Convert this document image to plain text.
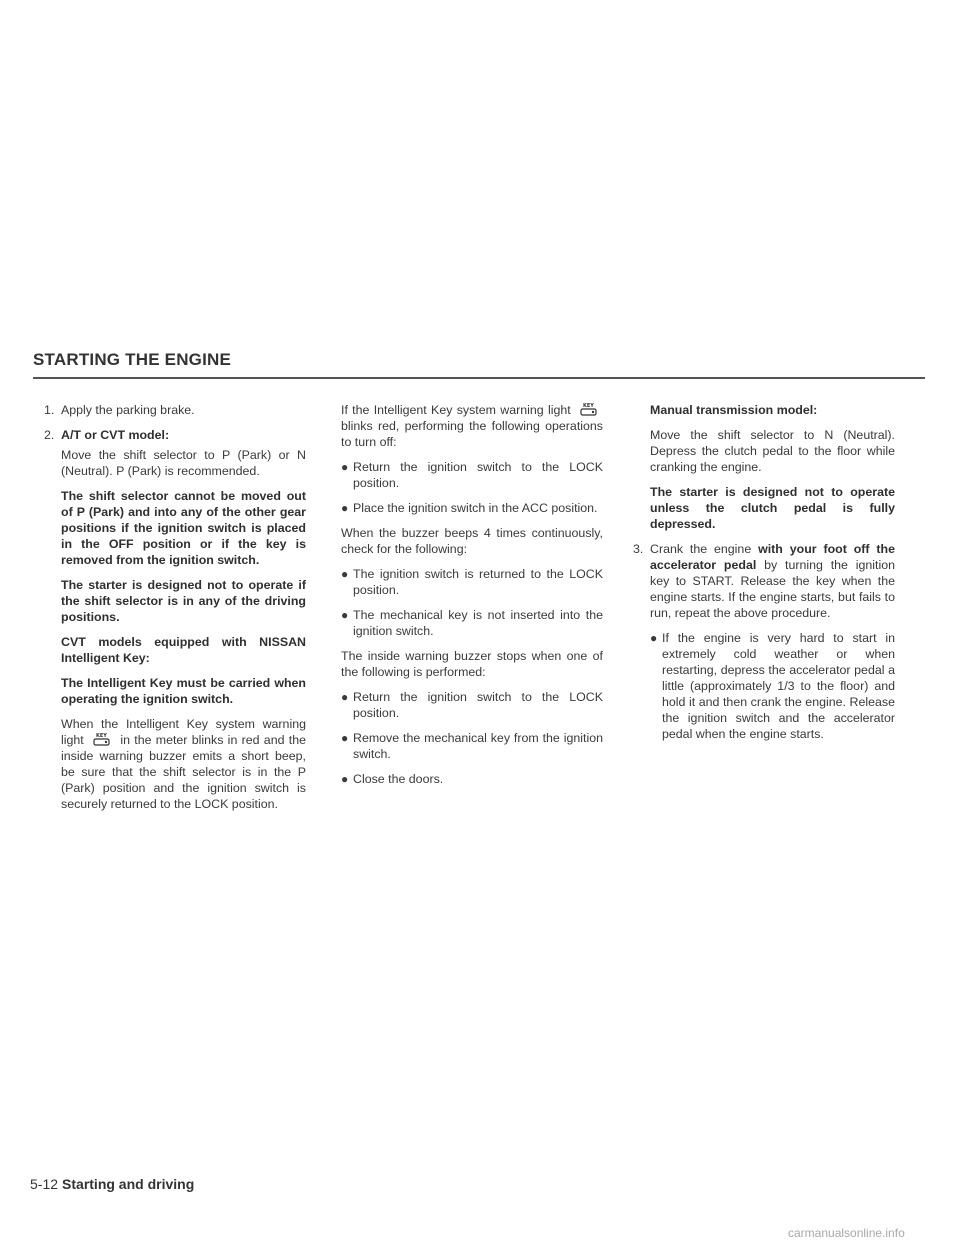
STARTING THE ENGINE
1. Apply the parking brake.
2. A/T or CVT model:

Move the shift selector to P (Park) or N (Neutral). P (Park) is recommended.

The shift selector cannot be moved out of P (Park) and into any of the other gear positions if the ignition switch is placed in the OFF position or if the key is removed from the ignition switch.

The starter is designed not to operate if the shift selector is in any of the driving positions.

CVT models equipped with NISSAN Intelligent Key:

The Intelligent Key must be carried when operating the ignition switch.

When the Intelligent Key system warning light KEY in the meter blinks in red and the inside warning buzzer emits a short beep, be sure that the shift selector is in the P (Park) position and the ignition switch is securely returned to the LOCK position.

If the Intelligent Key system warning light KEY
blinks red, performing the following operations to turn off:

● Return the ignition switch to the LOCK position.
● Place the ignition switch in the ACC position.

When the buzzer beeps 4 times continuously, check for the following:

● The ignition switch is returned to the LOCK position.
● The mechanical key is not inserted into the ignition switch.

The inside warning buzzer stops when one of the following is performed:

● Return the ignition switch to the LOCK position.
● Remove the mechanical key from the ignition switch.
● Close the doors.

Manual transmission model:

Move the shift selector to N (Neutral). Depress the clutch pedal to the floor while cranking the engine.

The starter is designed not to operate unless the clutch pedal is fully depressed.

3. Crank the engine with your foot off the accelerator pedal by turning the ignition key to START. Release the key when the engine starts. If the engine starts, but fails to run, repeat the above procedure.
● If the engine is very hard to start in extremely cold weather or when restarting, depress the accelerator pedal a little (approximately 1/3 to the floor) and hold it and then crank the engine. Release the ignition switch and the accelerator pedal when the engine starts.
5-12 Starting and driving
carmanualsonline.info
